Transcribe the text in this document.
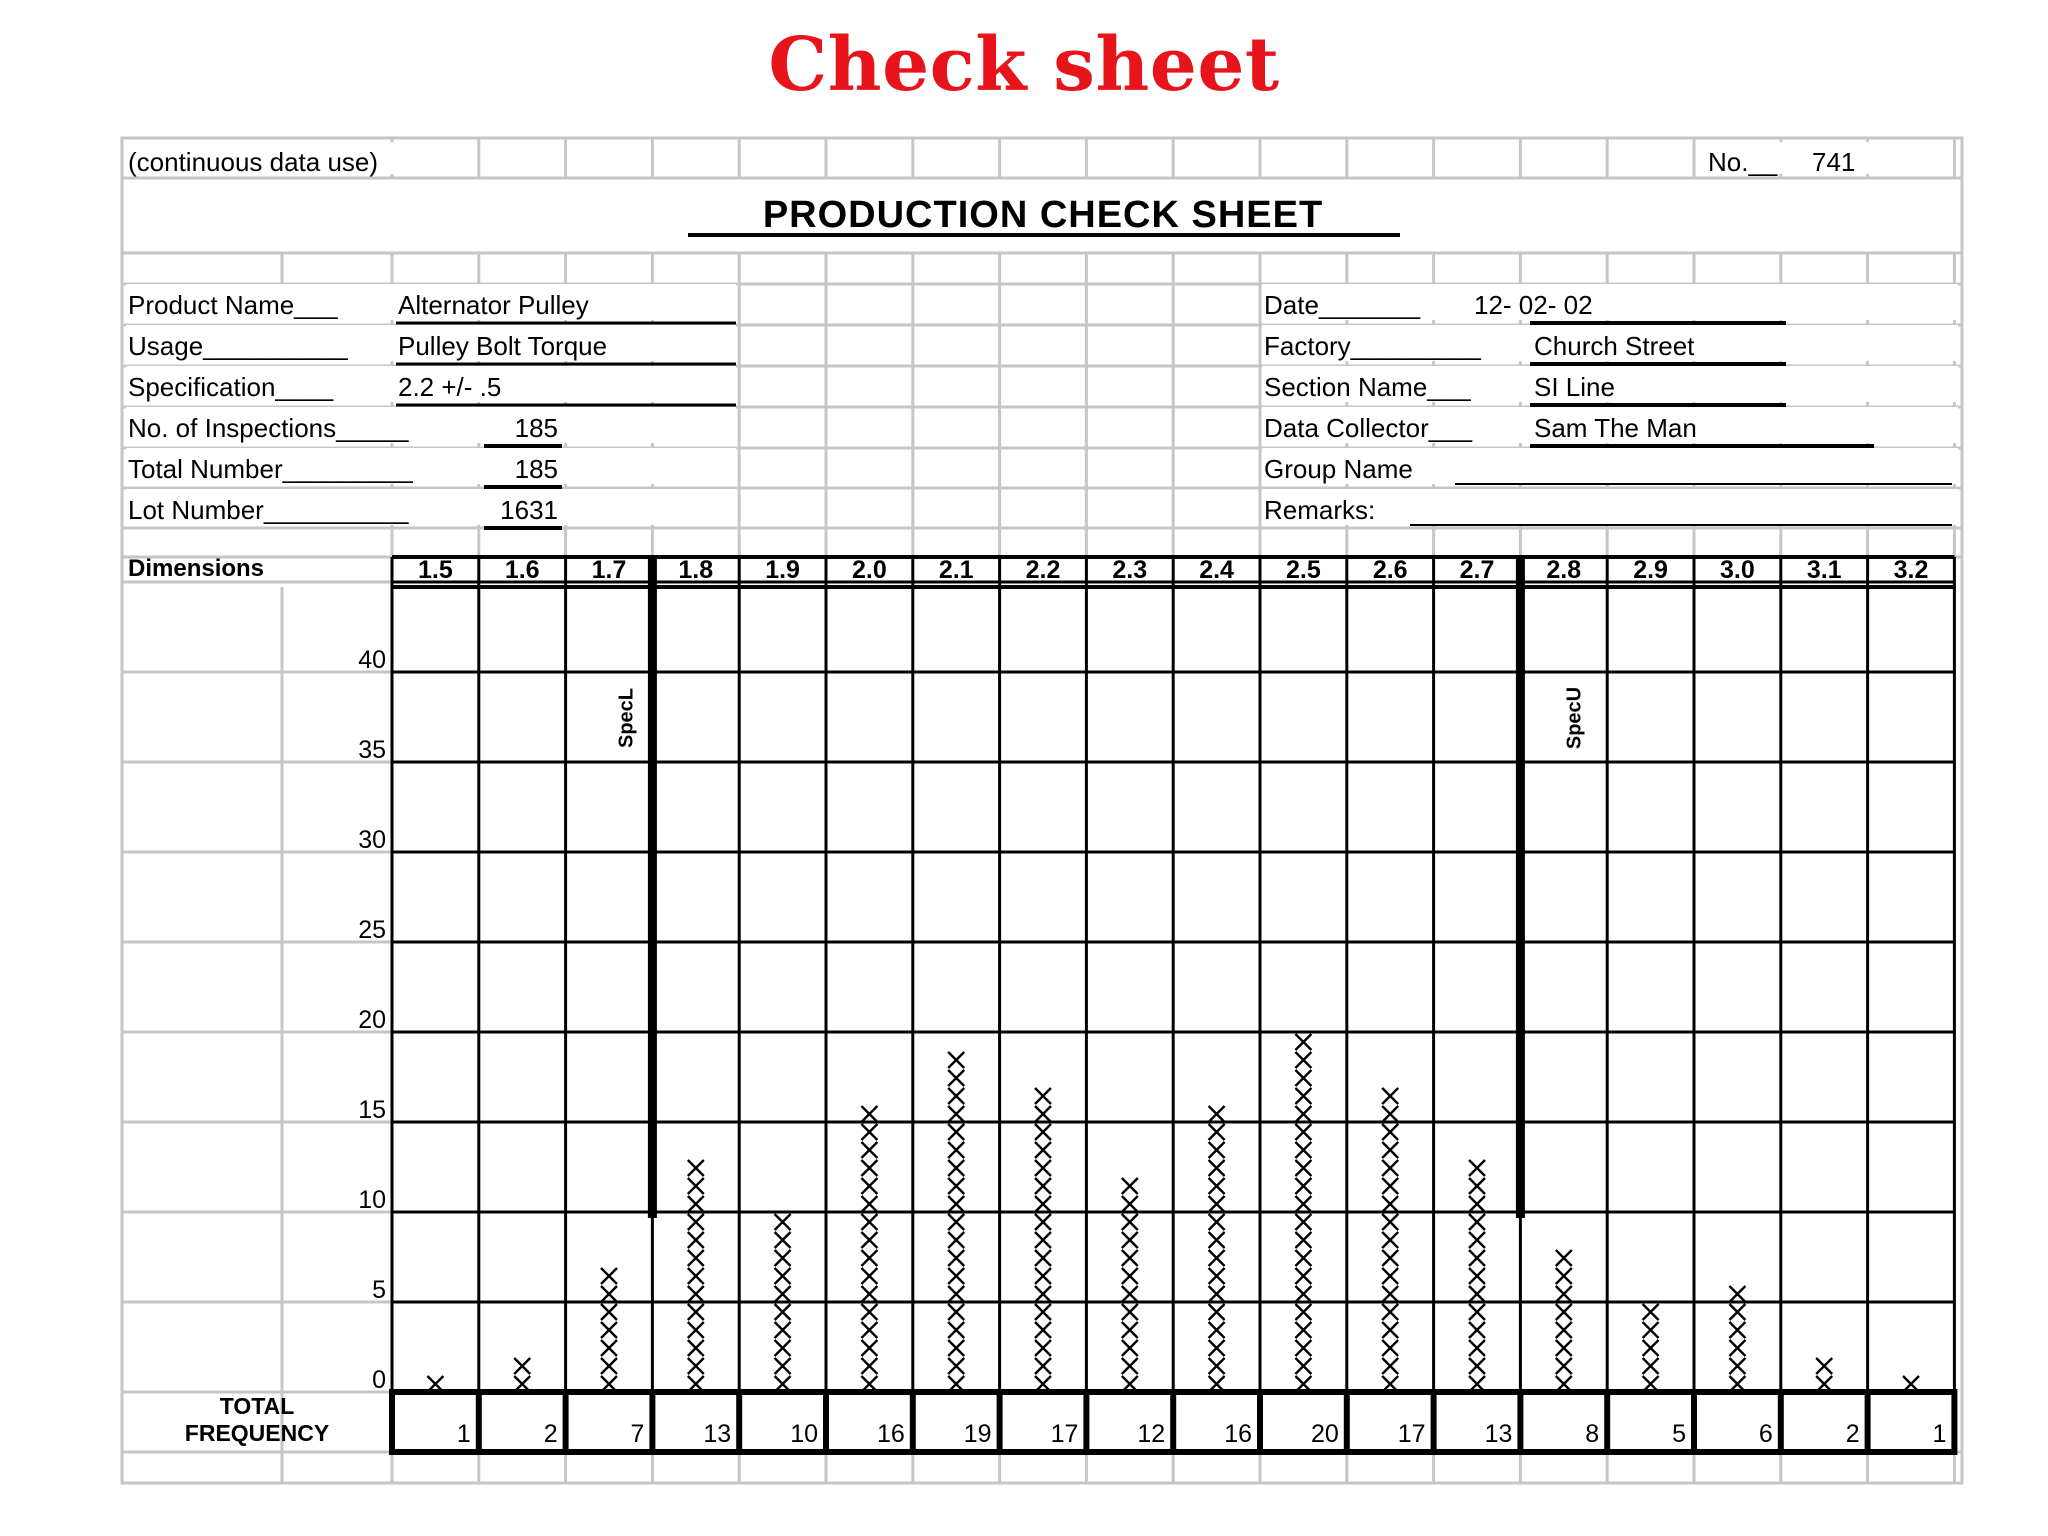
Check sheet
(continuous data use)	No.__ 741
PRODUCTION CHECK SHEET
Product Name___ Alternator Pulley
Usage__________ Pulley Bolt Torque
Specification____ 2.2 +/- .5
No. of Inspections_____	185
Total Number_________	185
Lot Number__________	1631
Date_______ 12- 02- 02
Factory_________ Church Street
Section Name___ SI Line
Data Collector___ Sam The Man
Group Name
Remarks:
Dimensions	1.5 1.6 1.7 1.8 1.9 2.0 2.1 2.2 2.3 2.4 2.5 2.6 2.7 2.8 2.9 3.0 3.1 3.2
0
5
10
15
20
25
30
35
40
SpecL	SpecU
TOTAL
FREQUENCY	1	2	7 13 10 16 19 17 12 16 20 17 13	8	5	6	2	1
